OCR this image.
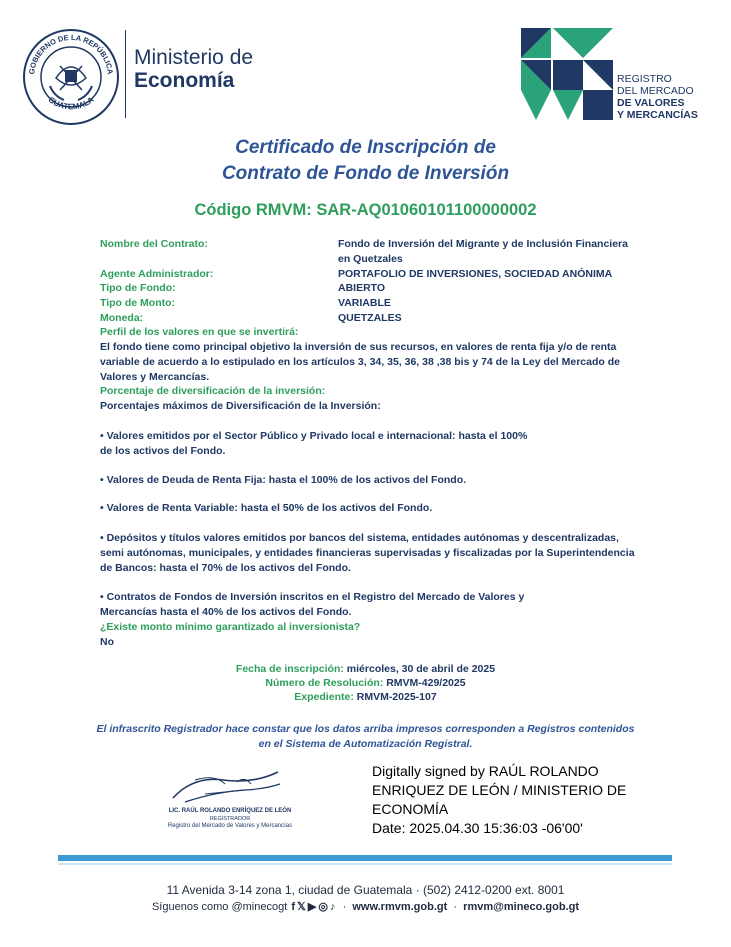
GOBIERNO DE LA REPÚBLICA
GUATEMALA
Ministerio de
Economía	REGISTRO
DEL MERCADO
DE VALORES
Y MERCANCÍAS
Certificado de Inscripción de
Contrato de Fondo de Inversión
Código RMVM: SAR-AQ01060101100000002
Nombre del Contrato:	Fondo de Inversión del Migrante y de Inclusión Financiera
en Quetzales
Agente Administrador:	PORTAFOLIO DE INVERSIONES, SOCIEDAD ANÓNIMA
Tipo de Fondo:	ABIERTO
Tipo de Monto:	VARIABLE
Moneda:	QUETZALES
Perfil de los valores en que se invertirá:
El fondo tiene como principal objetivo la inversión de sus recursos, en valores de renta fija y/o de renta
variable de acuerdo a lo estipulado en los artículos 3, 34, 35, 36, 38 ,38 bis y 74 de la Ley del Mercado de
Valores y Mercancías.
Porcentaje de diversificación de la inversión:
Porcentajes máximos de Diversificación de la Inversión:
• Valores emitidos por el Sector Público y Privado local e internacional: hasta el 100%
de los activos del Fondo.
• Valores de Deuda de Renta Fija: hasta el 100% de los activos del Fondo.
• Valores de Renta Variable: hasta el 50% de los activos del Fondo.
• Depósitos y títulos valores emitidos por bancos del sistema, entidades autónomas y descentralizadas,
semi autónomas, municipales, y entidades financieras supervisadas y fiscalizadas por la Superintendencia
de Bancos: hasta el 70% de los activos del Fondo.
• Contratos de Fondos de Inversión inscritos en el Registro del Mercado de Valores y
Mercancías hasta el 40% de los activos del Fondo.
¿Existe monto mínimo garantizado al inversionista?
No
Fecha de inscripción: miércoles, 30 de abril de 2025
Número de Resolución: RMVM-429/2025
Expediente: RMVM-2025-107
El infrascrito Registrador hace constar que los datos arriba impresos corresponden a Registros contenidos
en el Sistema de Automatización Registral.
LIC. RAÚL ROLANDO ENRÍQUEZ DE LEÓN
REGISTRADOR
Registro del Mercado de Valores y Mercancías
Digitally signed by RAÚL ROLANDO
ENRIQUEZ DE LEÓN / MINISTERIO DE
ECONOMÍA
Date: 2025.04.30 15:36:03 -06'00'
11 Avenida 3-14 zona 1, ciudad de Guatemala · (502) 2412-0200 ext. 8001
Síguenos como @minecogt f 𝕏 ▶ ◎ ♪  ·  www.rmvm.gob.gt  ·  rmvm@mineco.gob.gt
